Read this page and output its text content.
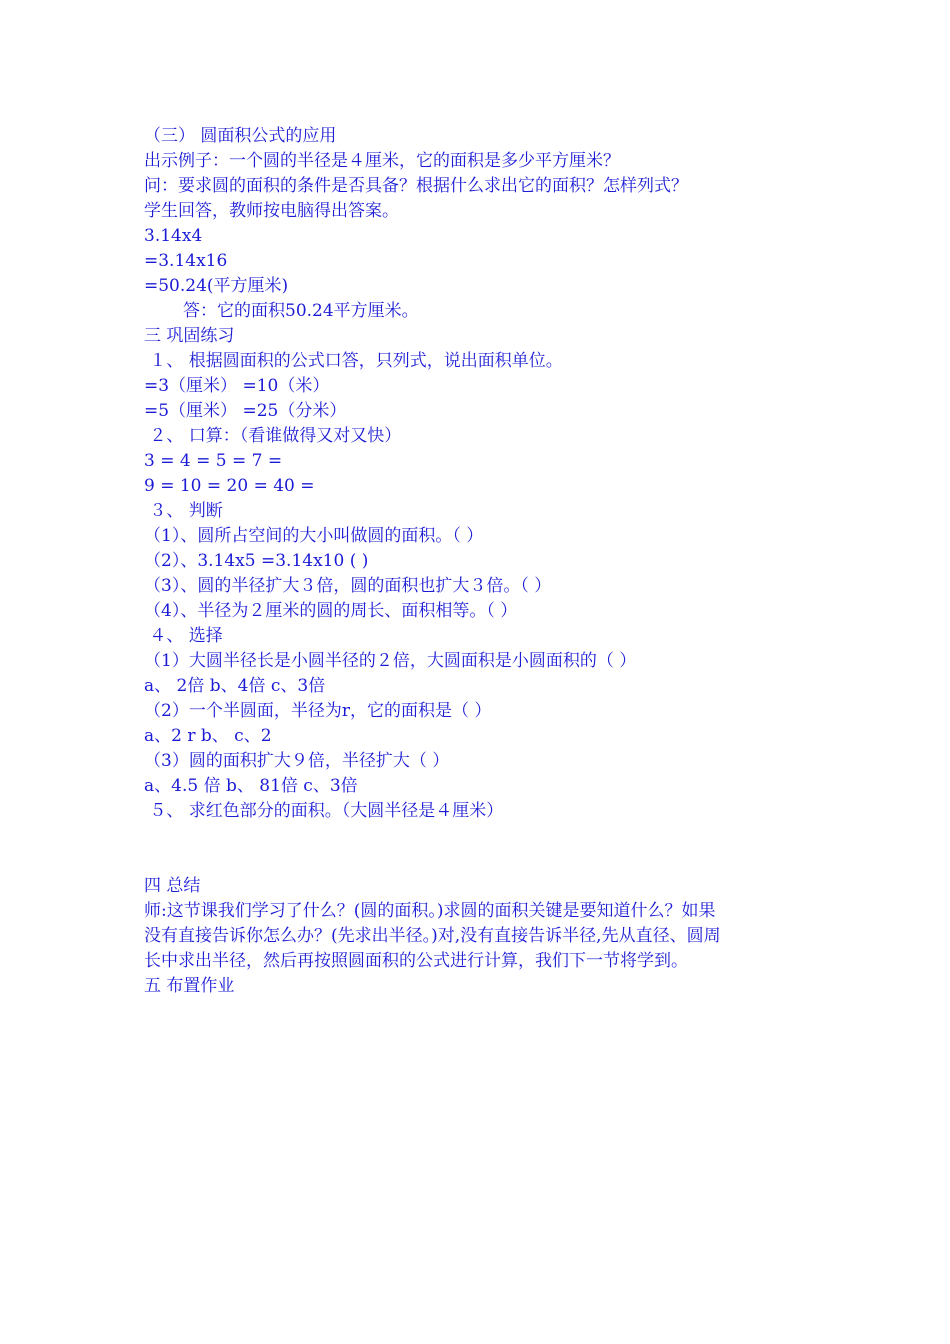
（三） 圆面积公式的应用
出示例子：一个圆的半径是４厘米，它的面积是多少平方厘米？
问：要求圆的面积的条件是否具备？根据什么求出它的面积？怎样列式？
学生回答，教师按电脑得出答案。
3.14x4
=3.14x16
=50.24(平方厘米)
答：它的面积50.24平方厘米。
三 巩固练习
１、 根据圆面积的公式口答，只列式，说出面积单位。
=3（厘米） =10（米）
=5（厘米） =25（分米）
２、 口算：（看谁做得又对又快）
3 = 4 = 5 = 7 =
9 = 10 = 20 = 40 =
３、 判断
（1）、圆所占空间的大小叫做圆的面积。（ ）
（2）、3.14x5 =3.14x10 ( )
（3）、圆的半径扩大３倍，圆的面积也扩大３倍。（ ）
（4）、半径为２厘米的圆的周长、面积相等。（ ）
４、 选择
（1）大圆半径长是小圆半径的２倍，大圆面积是小圆面积的（ ）
a、 2倍 b、4倍 c、3倍
（2）一个半圆面，半径为r，它的面积是（ ）
a、2 r b、 c、2
（3）圆的面积扩大９倍，半径扩大（ ）
a、4.5 倍 b、 81倍 c、3倍
５、 求红色部分的面积。（大圆半径是４厘米）
四 总结
师:这节课我们学习了什么？(圆的面积。)求圆的面积关键是要知道什么？如果
没有直接告诉你怎么办？(先求出半径。)对,没有直接告诉半径,先从直径、圆周
长中求出半径，然后再按照圆面积的公式进行计算，我们下一节将学到。
五 布置作业
